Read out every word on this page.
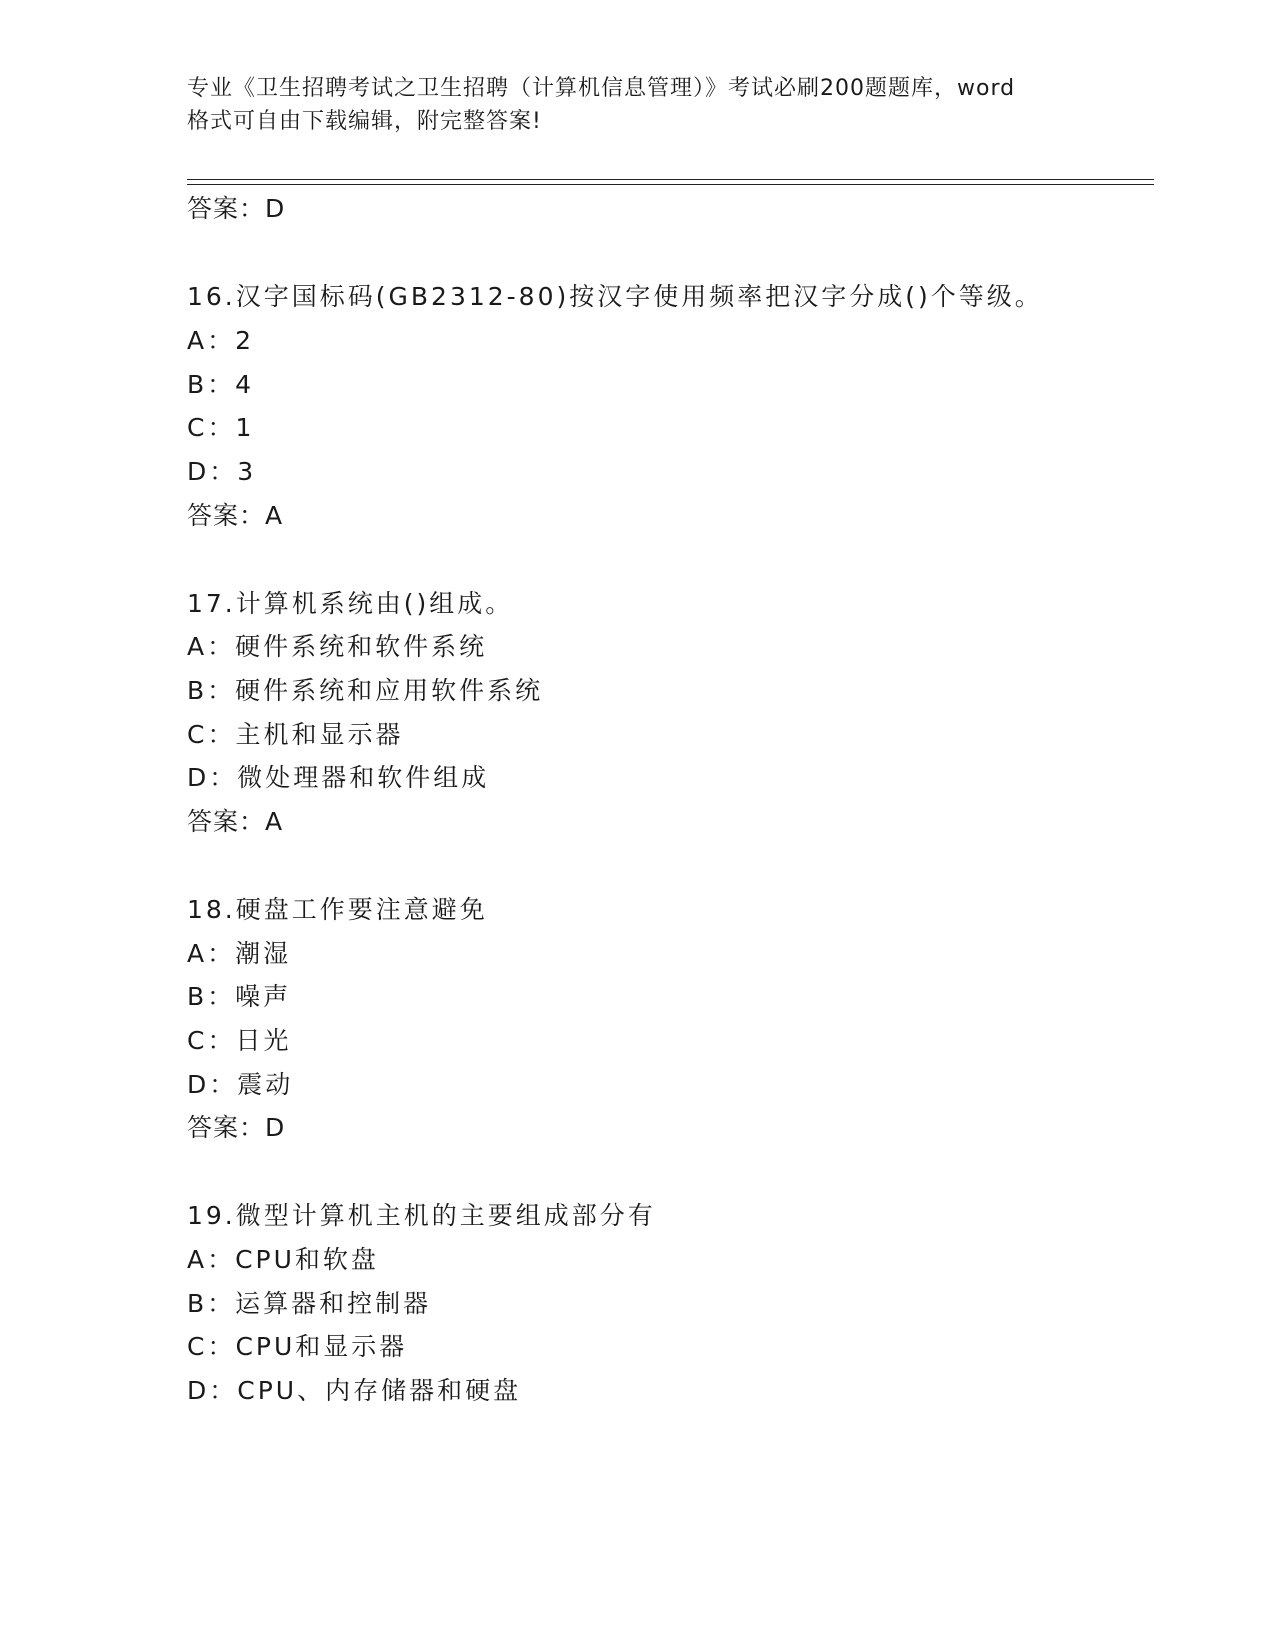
专业《卫生招聘考试之卫生招聘（计算机信息管理）》考试必刷200题题库，word
格式可自由下载编辑，附完整答案!
答案：D
16.汉字国标码(GB2312-80)按汉字使用频率把汉字分成()个等级。
A：2
B：4
C：1
D：3
答案：A
17.计算机系统由()组成。
A：硬件系统和软件系统
B：硬件系统和应用软件系统
C：主机和显示器
D：微处理器和软件组成
答案：A
18.硬盘工作要注意避免
A：潮湿
B：噪声
C：日光
D：震动
答案：D
19.微型计算机主机的主要组成部分有
A：CPU和软盘
B：运算器和控制器
C：CPU和显示器
D：CPU、内存储器和硬盘
